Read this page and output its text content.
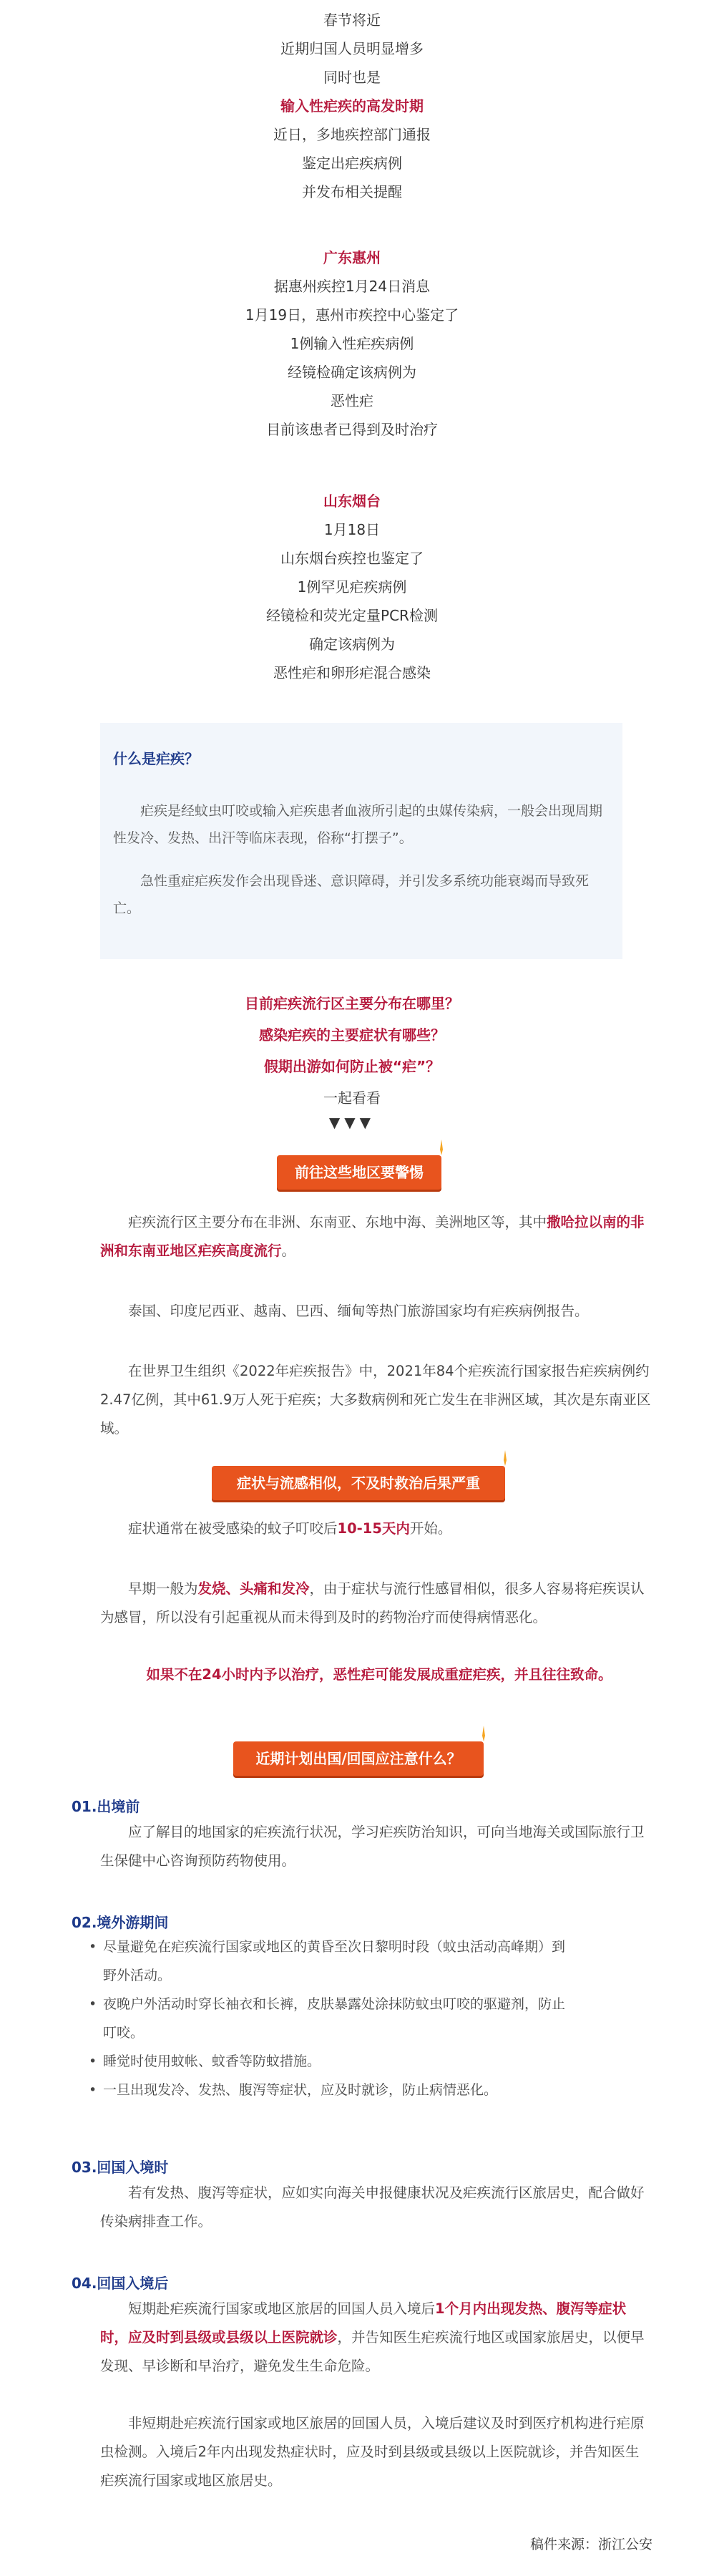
春节将近
近期归国人员明显增多
同时也是
输入性疟疾的高发时期
近日，多地疾控部门通报
鉴定出疟疾病例
并发布相关提醒
广东惠州
据惠州疾控1月24日消息
1月19日，惠州市疾控中心鉴定了
1例输入性疟疾病例
经镜检确定该病例为
恶性疟
目前该患者已得到及时治疗
山东烟台
1月18日
山东烟台疾控也鉴定了
1例罕见疟疾病例
经镜检和荧光定量PCR检测
确定该病例为
恶性疟和卵形疟混合感染
什么是疟疾？

疟疾是经蚊虫叮咬或输入疟疾患者血液所引起的虫媒传染病，一般会出现周期性发冷、发热、出汗等临床表现，俗称“打摆子”。

急性重症疟疾发作会出现昏迷、意识障碍，并引发多系统功能衰竭而导致死亡。

目前疟疾流行区主要分布在哪里？
感染疟疾的主要症状有哪些？
假期出游如何防止被“疟”？
一起看看
▼▼▼
前往这些地区要警惕

疟疾流行区主要分布在非洲、东南亚、东地中海、美洲地区等，其中撒哈拉以南的非洲和东南亚地区疟疾高度流行。

泰国、印度尼西亚、越南、巴西、缅甸等热门旅游国家均有疟疾病例报告。

在世界卫生组织《2022年疟疾报告》中，2021年84个疟疾流行国家报告疟疾病例约2.47亿例，其中61.9万人死于疟疾；大多数病例和死亡发生在非洲区域，其次是东南亚区域。

症状与流感相似，不及时救治后果严重

症状通常在被受感染的蚊子叮咬后10-15天内开始。

早期一般为发烧、头痛和发冷，由于症状与流行性感冒相似，很多人容易将疟疾误认为感冒，所以没有引起重视从而未得到及时的药物治疗而使得病情恶化。

如果不在24小时内予以治疗，恶性疟可能发展成重症疟疾，并且往往致命。
近期计划出国/回国应注意什么？
01.出境前

应了解目的地国家的疟疾流行状况，学习疟疾防治知识，可向当地海关或国际旅行卫生保健中心咨询预防药物使用。

02.境外游期间
• 尽量避免在疟疾流行国家或地区的黄昏至次日黎明时段（蚊虫活动高峰期）到野外活动。
• 夜晚户外活动时穿长袖衣和长裤，皮肤暴露处涂抹防蚊虫叮咬的驱避剂，防止叮咬。
• 睡觉时使用蚊帐、蚊香等防蚊措施。
• 一旦出现发冷、发热、腹泻等症状，应及时就诊，防止病情恶化。
03.回国入境时

若有发热、腹泻等症状，应如实向海关申报健康状况及疟疾流行区旅居史，配合做好传染病排查工作。

04.回国入境后

短期赴疟疾流行国家或地区旅居的回国人员入境后1个月内出现发热、腹泻等症状时，应及时到县级或县级以上医院就诊，并告知医生疟疾流行地区或国家旅居史，以便早发现、早诊断和早治疗，避免发生生命危险。

非短期赴疟疾流行国家或地区旅居的回国人员，入境后建议及时到医疗机构进行疟原虫检测。入境后2年内出现发热症状时，应及时到县级或县级以上医院就诊，并告知医生疟疾流行国家或地区旅居史。

稿件来源：浙江公安
